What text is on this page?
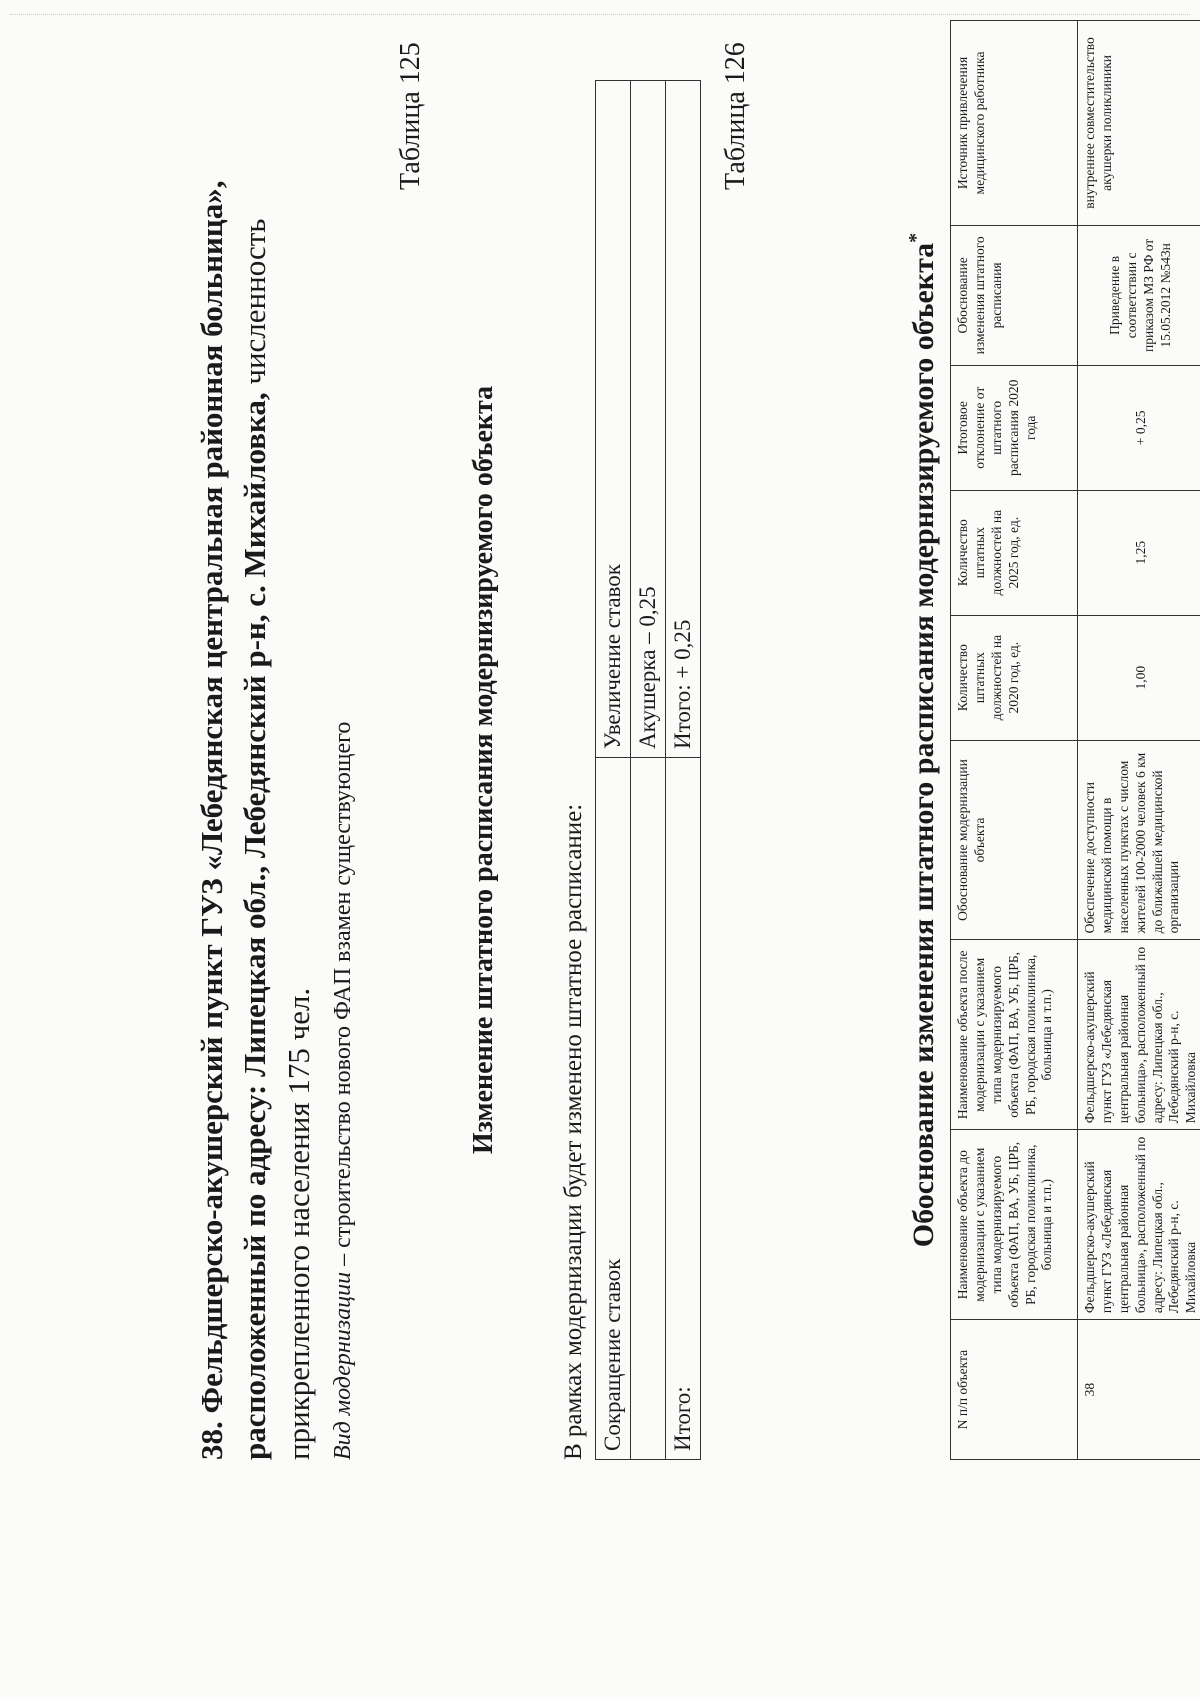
38. Фельдшерско-акушерский пункт ГУЗ «Лебедянская центральная районная больница», расположенный по адресу: Липецкая обл., Лебедянский р-н, с. Михайловка, численность прикрепленного населения 175 чел. Вид модернизации – строительство нового ФАП взамен существующего
Таблица 125
Изменение штатного расписания модернизируемого объекта В рамках модернизации будет изменено штатное расписание: Сокращение ставок	Увеличение ставок
	Акушерка – 0,25
Итого:	Итого: + 0,25
Таблица 126
Обоснование изменения штатного расписания модернизируемого объекта*
N п/п объекта	Наименование объекта до модернизации с указанием типа модернизируемого объекта (ФАП, ВА, УБ, ЦРБ, РБ, городская поликлиника, больница и т.п.)	Наименование объекта после модернизации с указанием типа модернизируемого объекта (ФАП, ВА, УБ, ЦРБ, РБ, городская поликлиника, больница и т.п.)	Обоснование модернизации объекта	Количество штатных должностей на 2020 год, ед.	Количество штатных должностей на 2025 год, ед.	Итоговое отклонение от штатного расписания 2020 года	Обоснование изменения штатного расписания	Источник привлечения медицинского работника
38	Фельдшерско-акушерский пункт ГУЗ «Лебедянская центральная районная больница», расположенный по адресу: Липецкая обл., Лебедянский р-н, с. Михайловка	Фельдшерско-акушерский пункт ГУЗ «Лебедянская центральная районная больница», расположенный по адресу: Липецкая обл., Лебедянский р-н, с. Михайловка	Обеспечение доступности медицинской помощи в населенных пунктах с числом жителей 100-2000 человек 6 км до ближайшей медицинской организации	1,00	1,25	+ 0,25	Приведение в соответствии с приказом МЗ РФ от 15.05.2012 №543н	внутреннее совместительство акушерки поликлиники
